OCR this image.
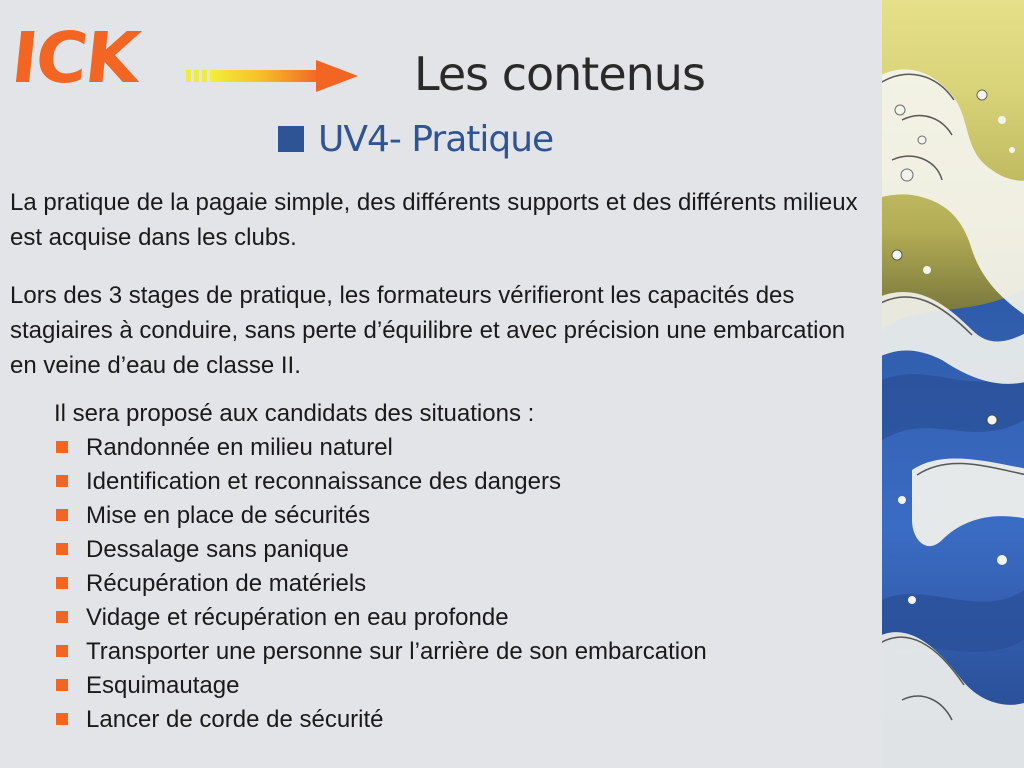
ICK	Les contenus
UV4- Pratique

La pratique de la pagaie simple, des différents supports et des différents milieux est acquise dans les clubs.

Lors des 3 stages de pratique, les formateurs vérifieront les capacités des stagiaires à conduire, sans perte d’équilibre et avec précision une embarcation en veine d’eau de classe II.

Il sera proposé aux candidats des situations :
Randonnée en milieu naturel
Identification et reconnaissance des dangers
Mise en place de sécurités
Dessalage sans panique
Récupération de matériels
Vidage et récupération en eau profonde
Transporter une personne sur l’arrière de son embarcation
Esquimautage
Lancer de corde de sécurité
